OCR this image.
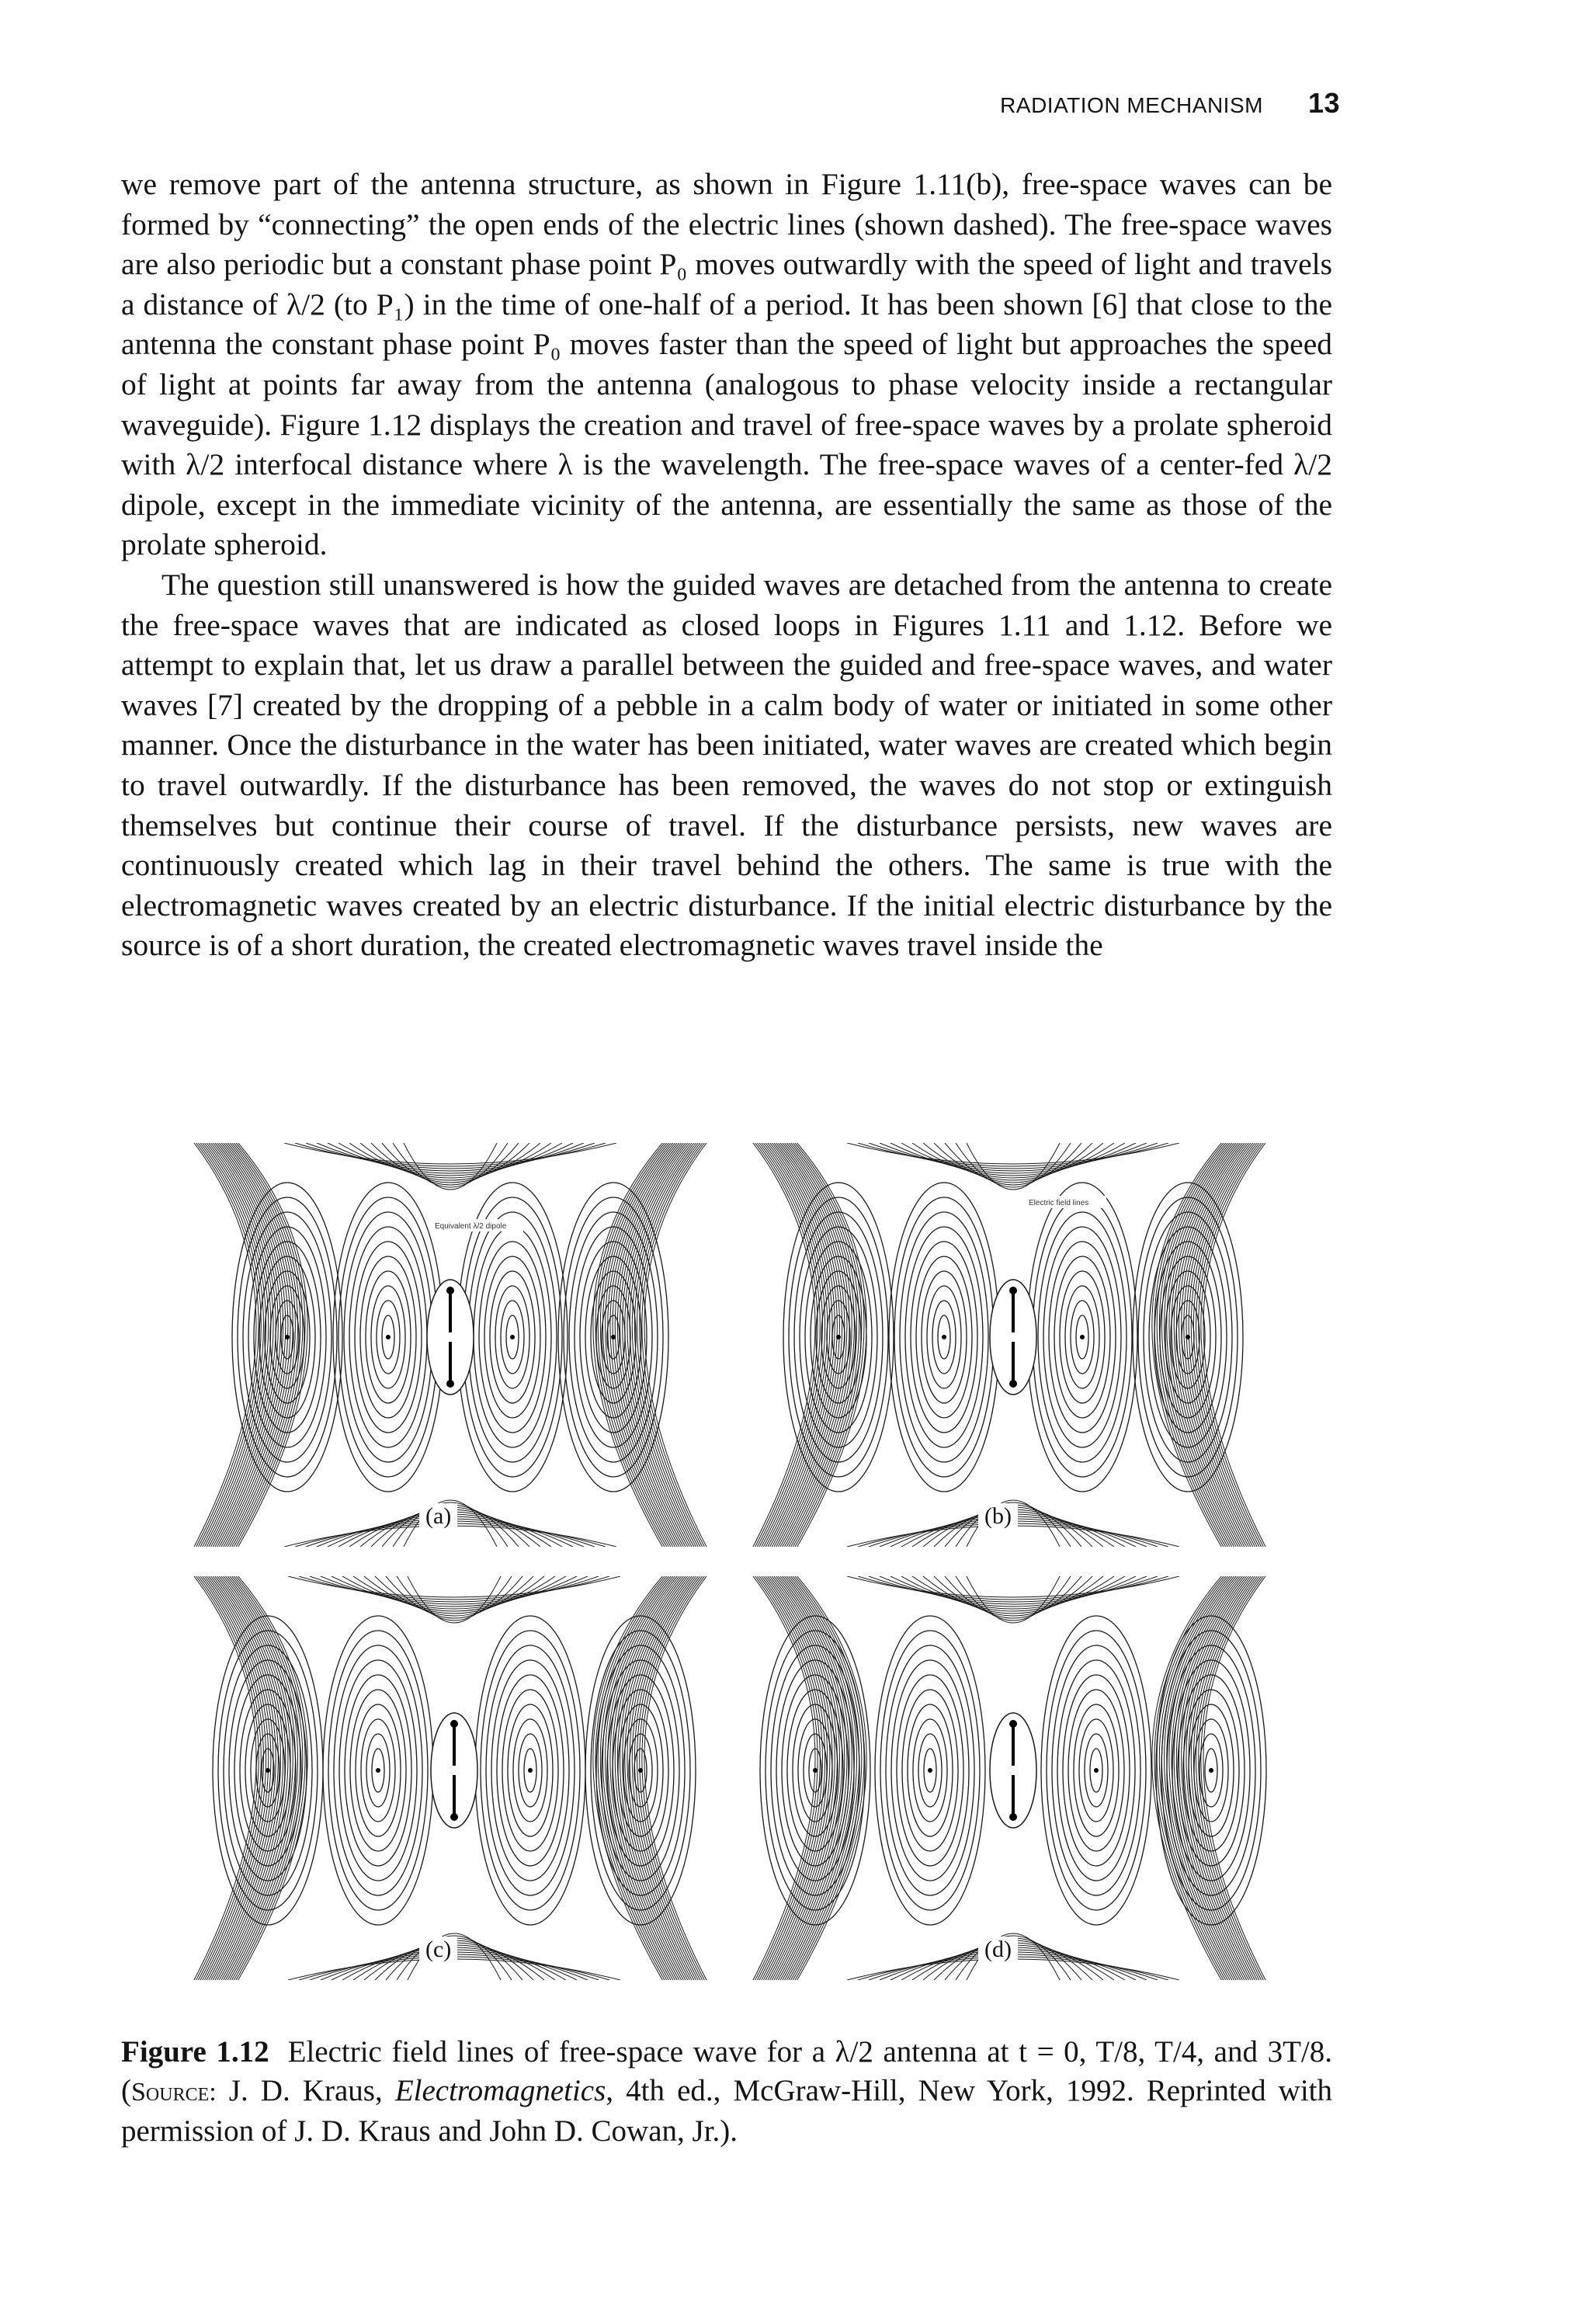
RADIATION MECHANISM 13

we remove part of the antenna structure, as shown in Figure 1.11(b), free-space waves can be formed by “connecting” the open ends of the electric lines (shown dashed). The free-space waves are also periodic but a constant phase point P₀ moves outwardly with the speed of light and travels a distance of λ/2 (to P₁) in the time of one-half of a period. It has been shown [6] that close to the antenna the constant phase point P₀ moves faster than the speed of light but approaches the speed of light at points far away from the antenna (analogous to phase velocity inside a rectangular waveguide). Figure 1.12 displays the creation and travel of free-space waves by a prolate spheroid with λ/2 interfocal distance where λ is the wavelength. The free-space waves of a center-fed λ/2 dipole, except in the immediate vicinity of the antenna, are essentially the same as those of the prolate spheroid.

The question still unanswered is how the guided waves are detached from the antenna to create the free-space waves that are indicated as closed loops in Figures 1.11 and 1.12. Before we attempt to explain that, let us draw a parallel between the guided and free-space waves, and water waves [7] created by the dropping of a pebble in a calm body of water or initiated in some other manner. Once the disturbance in the water has been initiated, water waves are created which begin to travel outwardly. If the disturbance has been removed, the waves do not stop or extinguish themselves but continue their course of travel. If the disturbance persists, new waves are continuously created which lag in their travel behind the others. The same is true with the electromagnetic waves created by an electric disturbance. If the initial electric disturbance by the source is of a short duration, the created electromagnetic waves travel inside the

Equivalent λ/2 dipole
(a)
Electric field lines
(b)
(c)	(d)
Figure 1.12 Electric field lines of free-space wave for a λ/2 antenna at t = 0, T/8, T/4, and 3T/8. (Source: J. D. Kraus, Electromagnetics, 4th ed., McGraw-Hill, New York, 1992. Reprinted with permission of J. D. Kraus and John D. Cowan, Jr.).
